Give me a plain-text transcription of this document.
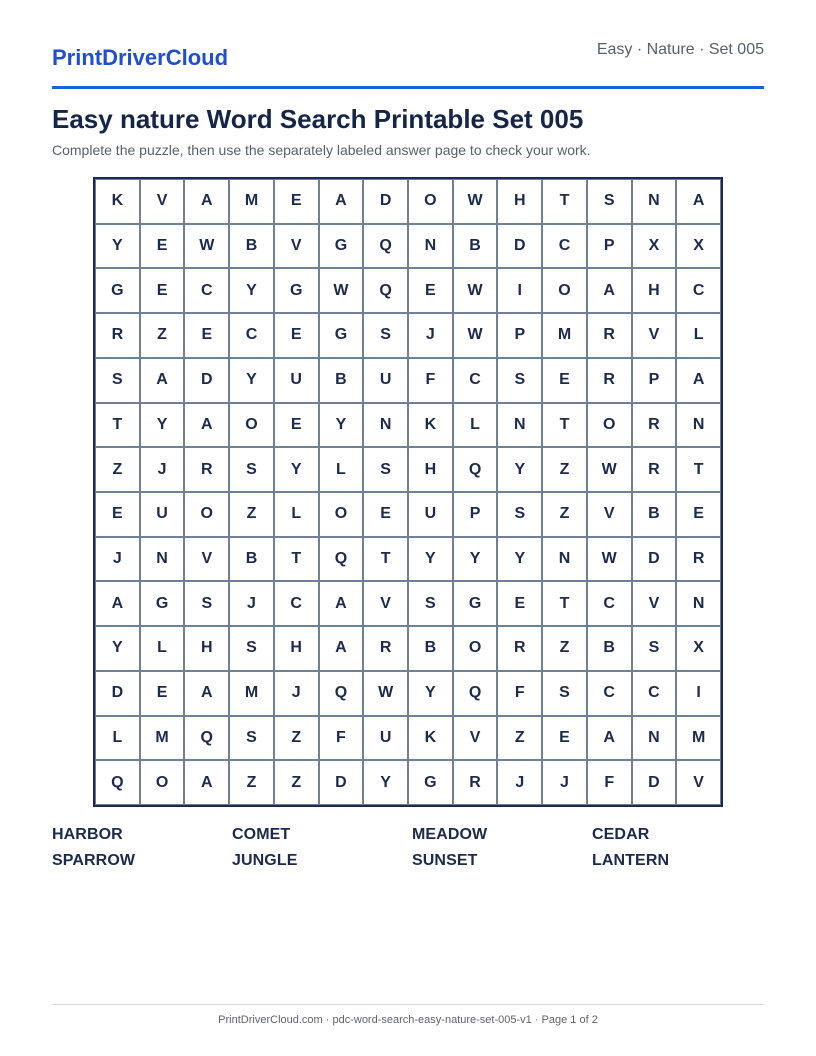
PrintDriverCloud	Easy · Nature · Set 005
Easy nature Word Search Printable Set 005
Complete the puzzle, then use the separately labeled answer page to check your work.
K	V	A	M	E	A	D	O	W	H	T	S	N	A
Y	E	W	B	V	G	Q	N	B	D	C	P	X	X
G	E	C	Y	G	W	Q	E	W	I	O	A	H	C
R	Z	E	C	E	G	S	J	W	P	M	R	V	L
S	A	D	Y	U	B	U	F	C	S	E	R	P	A
T	Y	A	O	E	Y	N	K	L	N	T	O	R	N
Z	J	R	S	Y	L	S	H	Q	Y	Z	W	R	T
E	U	O	Z	L	O	E	U	P	S	Z	V	B	E
J	N	V	B	T	Q	T	Y	Y	Y	N	W	D	R
A	G	S	J	C	A	V	S	G	E	T	C	V	N
Y	L	H	S	H	A	R	B	O	R	Z	B	S	X
D	E	A	M	J	Q	W	Y	Q	F	S	C	C	I
L	M	Q	S	Z	F	U	K	V	Z	E	A	N	M
Q	O	A	Z	Z	D	Y	G	R	J	J	F	D	V
HARBOR	COMET	MEADOW	CEDAR
SPARROW	JUNGLE	SUNSET	LANTERN
PrintDriverCloud.com · pdc-word-search-easy-nature-set-005-v1 · Page 1 of 2
